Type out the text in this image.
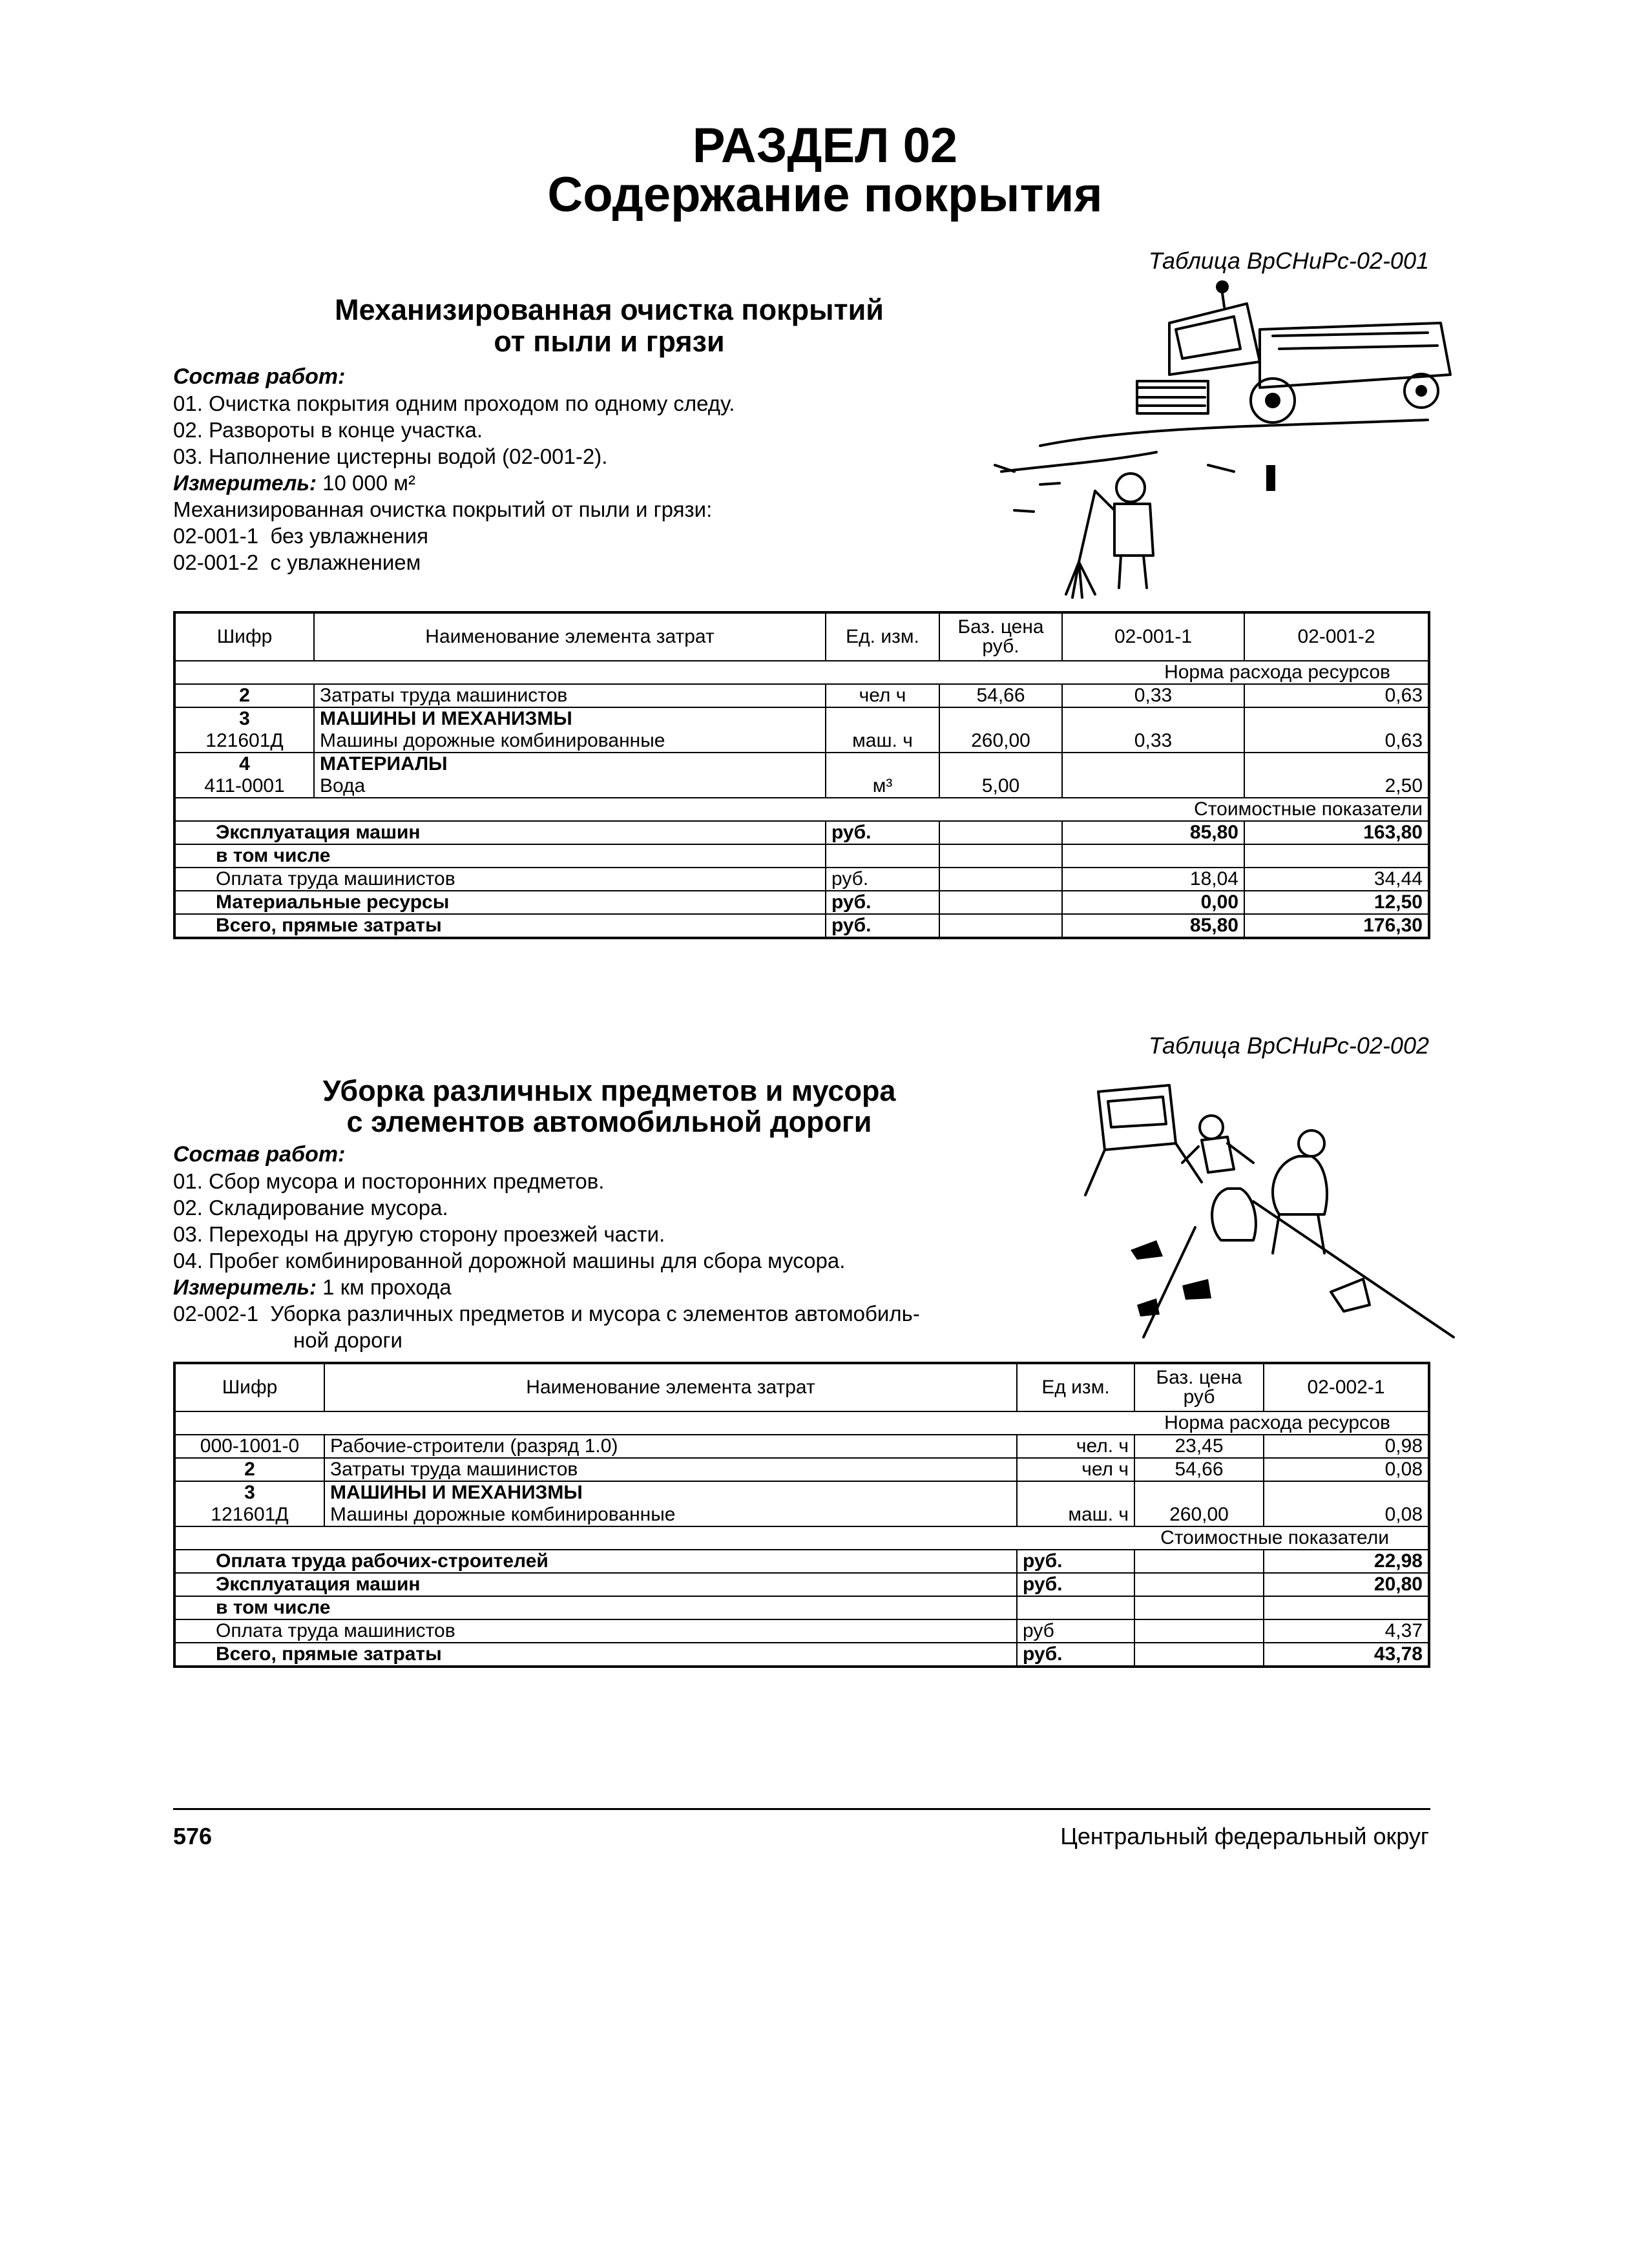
РАЗДЕЛ 02
Содержание покрытия
Таблица ВрСНиРс-02-001
Механизированная очистка покрытий
от пыли и грязи
Состав работ:
01. Очистка покрытия одним проходом по одному следу.
02. Развороты в конце участка.
03. Наполнение цистерны водой (02-001-2).
Измеритель: 10 000 м²
Механизированная очистка покрытий от пыли и грязи:
02-001-1  без увлажнения
02-001-2  с увлажнением
Шифр	Наименование элемента затрат	Ед. изм.	Баз. цена руб.	02-001-1	02-001-2
Норма расхода ресурсов					
2	Затраты труда машинистов	чел ч	54,66	0,33	0,63
3	МАШИНЫ И МЕХАНИЗМЫ				
121601Д	Машины дорожные комбинированные	маш. ч	260,00	0,33	0,63
4	МАТЕРИАЛЫ				
411-0001	Вода	м³	5,00		2,50
Стоимостные показатели					
Эксплуатация машин		руб.		85,80	163,80
в том числе					
Оплата труда машинистов		руб.		18,04	34,44
Материальные ресурсы		руб.		0,00	12,50
Всего, прямые затраты		руб.		85,80	176,30
Таблица ВрСНиРс-02-002
Уборка различных предметов и мусора
с элементов автомобильной дороги
Состав работ:
01. Сбор мусора и посторонних предметов.
02. Складирование мусора.
03. Переходы на другую сторону проезжей части.
04. Пробег комбинированной дорожной машины для сбора мусора.
Измеритель: 1 км прохода
02-002-1  Уборка различных предметов и мусора с элементов автомобиль-
ной дороги
Шифр	Наименование элемента затрат	Ед изм.	Баз. цена руб	02-002-1
Норма расхода ресурсов				
000-1001-0	Рабочие-строители (разряд 1.0)	чел. ч	23,45	0,98
2	Затраты труда машинистов	чел ч	54,66	0,08
3	МАШИНЫ И МЕХАНИЗМЫ			
121601Д	Машины дорожные комбинированные	маш. ч	260,00	0,08
Стоимостные показатели				
Оплата труда рабочих-строителей		руб.		22,98
Эксплуатация машин		руб.		20,80
в том числе				
Оплата труда машинистов		руб		4,37
Всего, прямые затраты		руб.		43,78
576	Центральный федеральный округ
